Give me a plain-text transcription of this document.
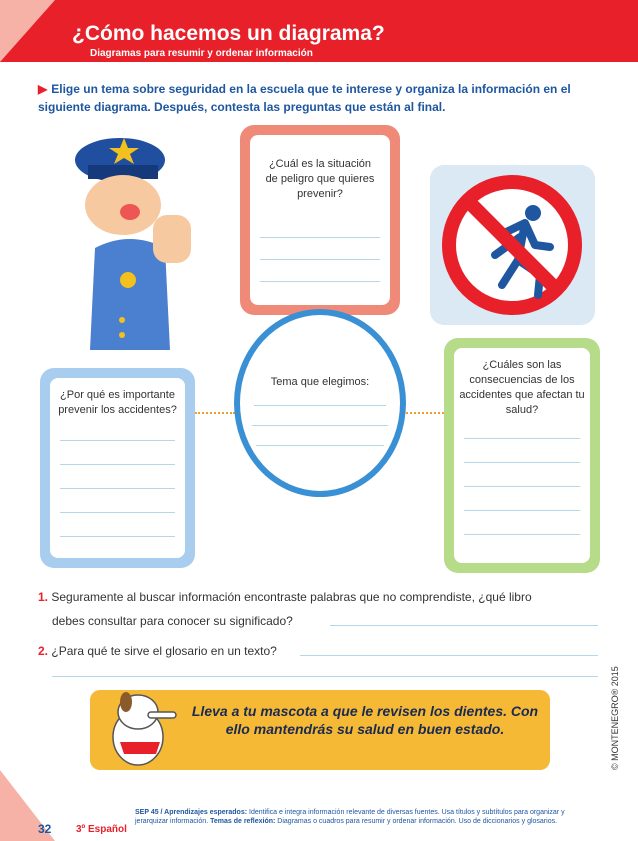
¿Cómo hacemos un diagrama?
Diagramas para resumir y ordenar información
▶ Elige un tema sobre seguridad en la escuela que te interese y organiza la información en el siguiente diagrama. Después, contesta las preguntas que están al final.
¿Cuál es la situación de peligro que quieres prevenir?
¿Por qué es importante prevenir los accidentes?
Tema que elegimos:
¿Cuáles son las consecuencias de los accidentes que afectan tu salud?
1. Seguramente al buscar información encontraste palabras que no comprendiste, ¿qué libro
debes consultar para conocer su significado?
2. ¿Para qué te sirve el glosario en un texto?
Lleva a tu mascota a que le revisen los dientes. Con ello mantendrás su salud en buen estado.	© MONTENEGRO® 2015
32 3º Español
SEP 45 / Aprendizajes esperados: Identifica e integra información relevante de diversas fuentes. Usa títulos y subtítulos para organizar y jerarquizar información. Temas de reflexión: Diagramas o cuadros para resumir y ordenar información. Uso de diccionarios y glosarios.
